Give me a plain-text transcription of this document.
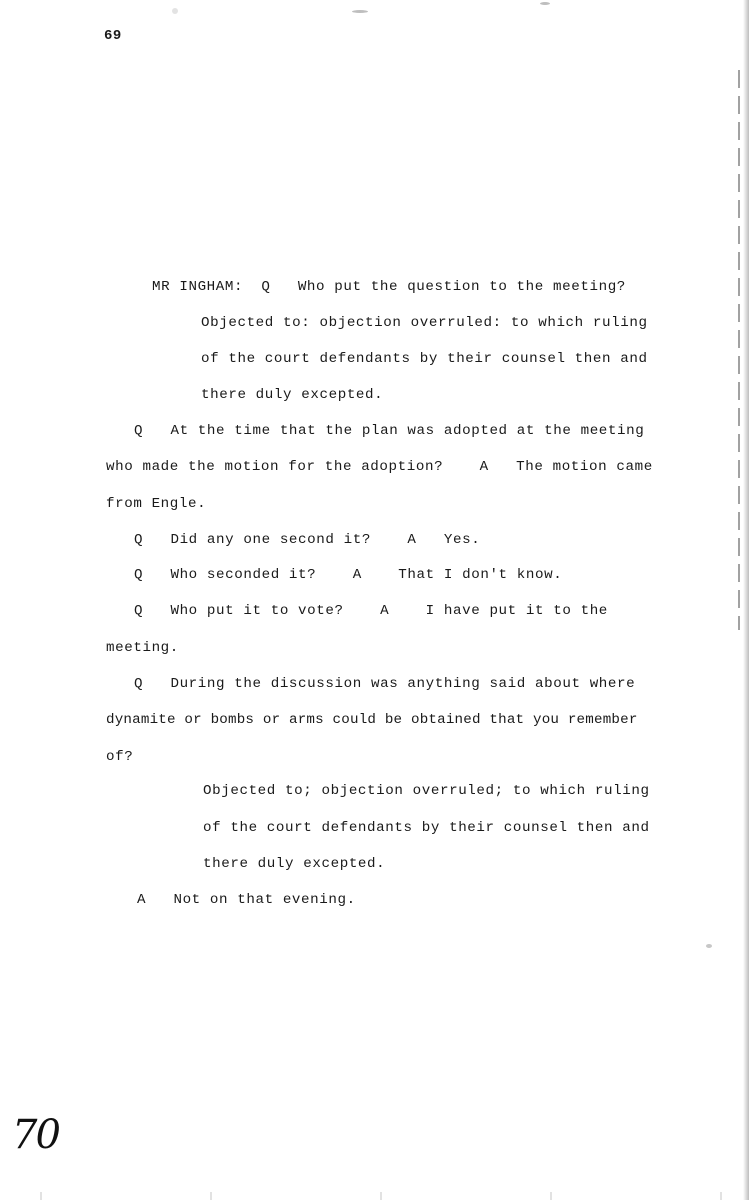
69
MR INGHAM:  Q   Who put the question to the meeting?
Objected to: objection overruled: to which ruling
of the court defendants by their counsel then and
there duly excepted.
Q   At the time that the plan was adopted at the meeting
who made the motion for the adoption?    A   The motion came
from Engle.
Q   Did any one second it?    A   Yes.
Q   Who seconded it?    A    That I don't know.
Q   Who put it to vote?    A    I have put it to the
meeting.
Q   During the discussion was anything said about where
dynamite or bombs or arms could be obtained that you remember
of?
Objected to; objection overruled; to which ruling
of the court defendants by their counsel then and
there duly excepted.
A   Not on that evening.
70
